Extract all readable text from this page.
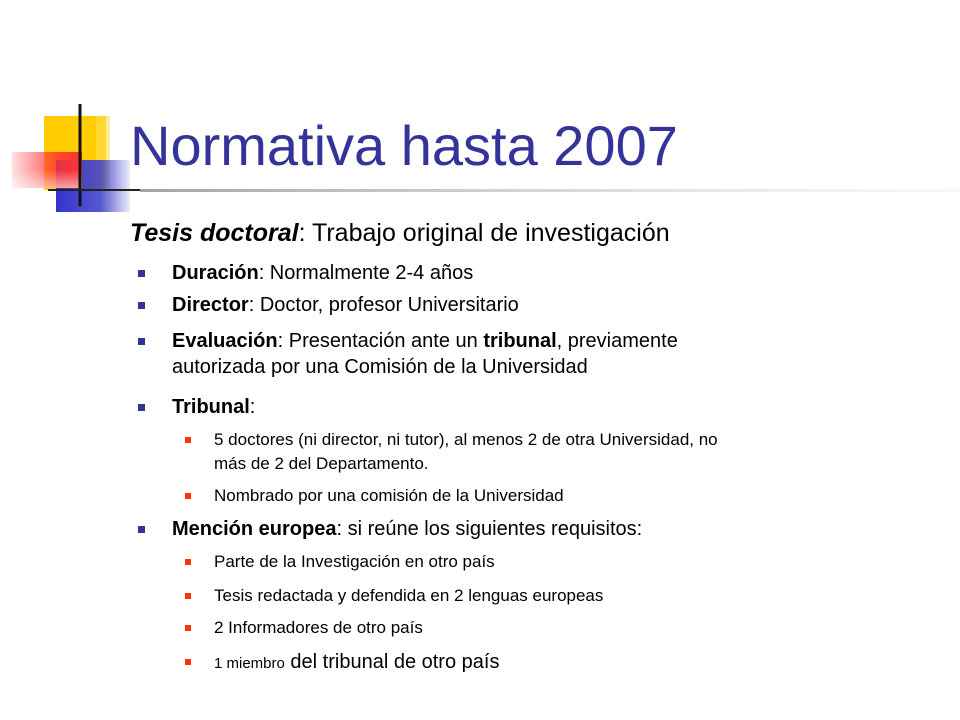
Normativa hasta 2007
Tesis doctoral: Trabajo original de investigación
Duración: Normalmente 2-4 años
Director: Doctor, profesor Universitario
Evaluación: Presentación ante un tribunal, previamente
autorizada por una Comisión de la Universidad
Tribunal:
5 doctores (ni director, ni tutor), al menos 2 de otra Universidad, no
más de 2 del Departamento.
Nombrado por una comisión de la Universidad
Mención europea: si reúne los siguientes requisitos:
Parte de la Investigación en otro país
Tesis redactada y defendida en 2 lenguas europeas
2 Informadores de otro país
1 miembro del tribunal de otro país
